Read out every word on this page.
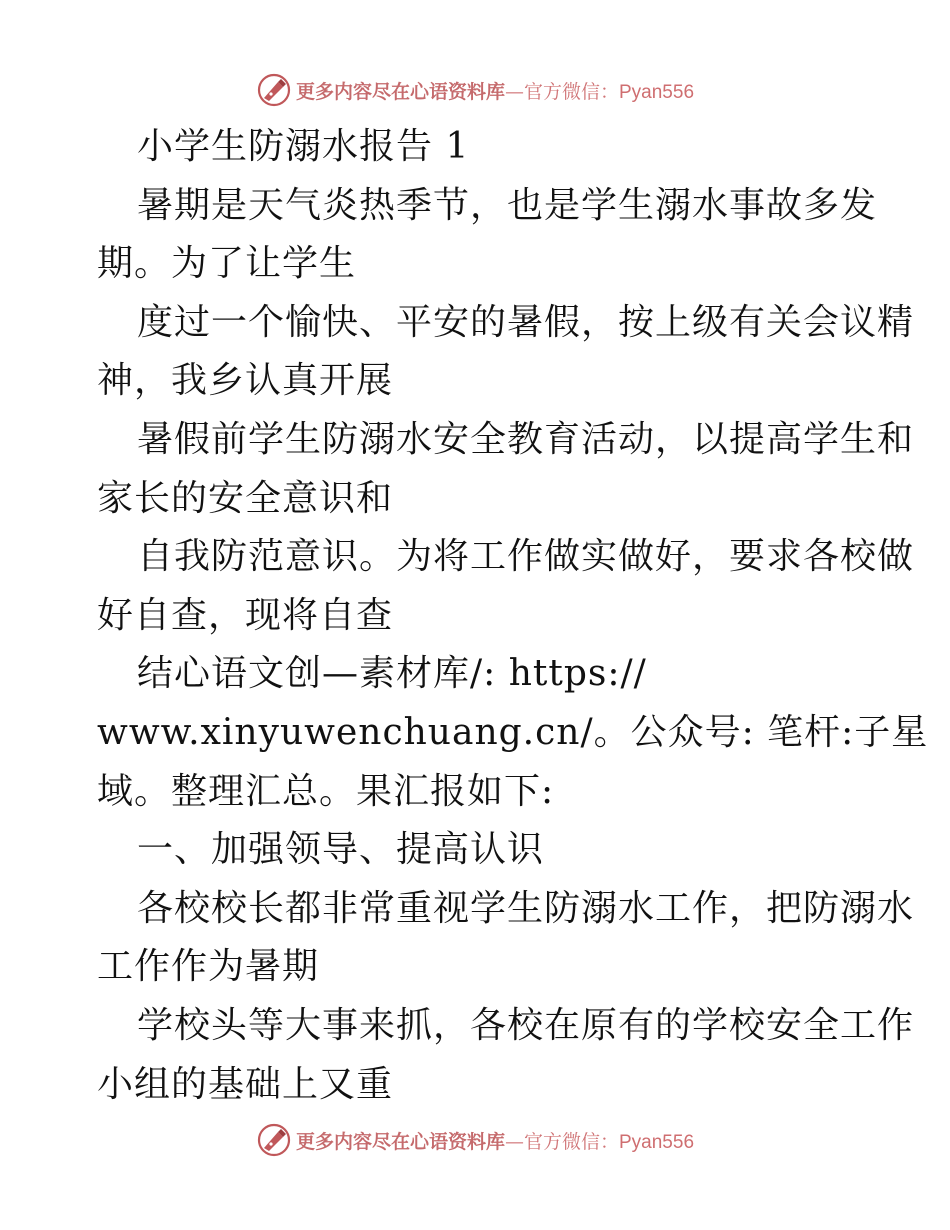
更多内容尽在心语资料库—官方微信：Pyan556
小学生防溺水报告 1
暑期是天气炎热季节，也是学生溺水事故多发
期。为了让学生
度过一个愉快、平安的暑假，按上级有关会议精
神，我乡认真开展
暑假前学生防溺水安全教育活动，以提高学生和
家长的安全意识和
自我防范意识。为将工作做实做好，要求各校做
好自查，现将自查
结心语文创—素材库/: https://
www.xinyuwenchuang.cn/。公众号: 笔杆:子星
域。整理汇总。果汇报如下:
一、加强领导、提高认识
各校校长都非常重视学生防溺水工作，把防溺水
工作作为暑期
学校头等大事来抓，各校在原有的学校安全工作
小组的基础上又重
更多内容尽在心语资料库—官方微信：Pyan556
